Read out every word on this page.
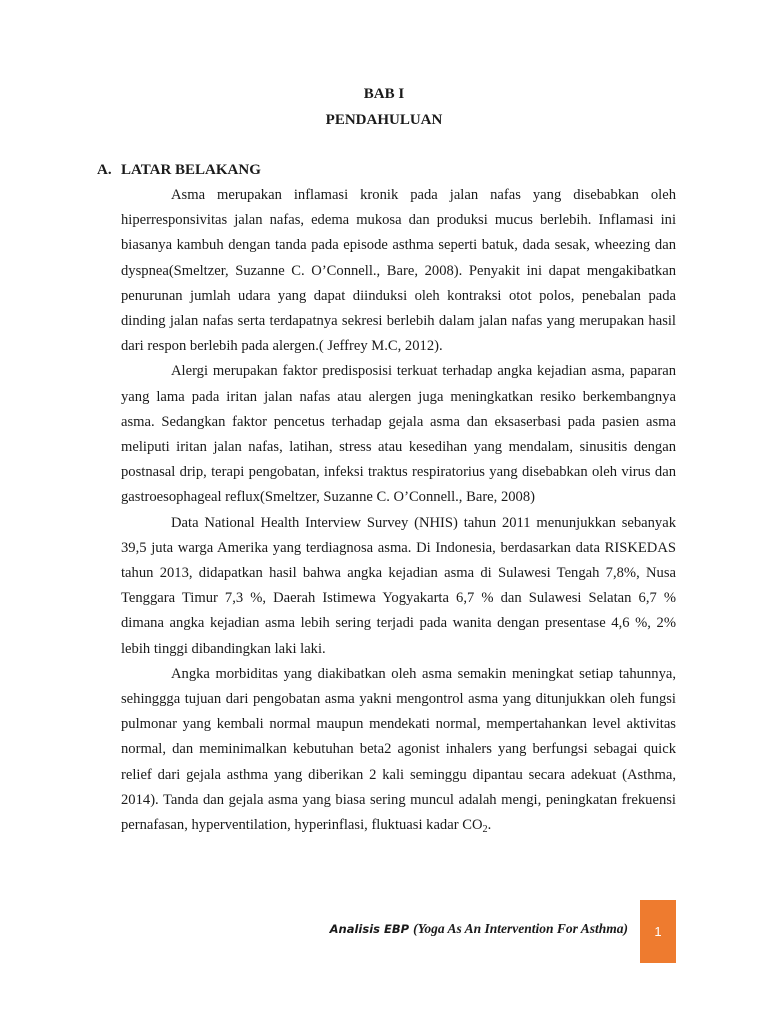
BAB I
PENDAHULUAN
A. LATAR BELAKANG

Asma merupakan inflamasi kronik pada jalan nafas yang disebabkan oleh hiperresponsivitas jalan nafas, edema mukosa dan produksi mucus berlebih. Inflamasi ini biasanya kambuh dengan tanda pada episode asthma seperti batuk, dada sesak, wheezing dan dyspnea(Smeltzer, Suzanne C. O’Connell., Bare, 2008). Penyakit ini dapat mengakibatkan penurunan jumlah udara yang dapat diinduksi oleh kontraksi otot polos, penebalan pada dinding jalan nafas serta terdapatnya sekresi berlebih dalam jalan nafas yang merupakan hasil dari respon berlebih pada alergen.( Jeffrey M.C, 2012).

Alergi merupakan faktor predisposisi terkuat terhadap angka kejadian asma, paparan yang lama pada iritan jalan nafas atau alergen juga meningkatkan resiko berkembangnya asma. Sedangkan faktor pencetus terhadap gejala asma dan eksaserbasi pada pasien asma meliputi iritan jalan nafas, latihan, stress atau kesedihan yang mendalam, sinusitis dengan postnasal drip, terapi pengobatan, infeksi traktus respiratorius yang disebabkan oleh virus dan gastroesophageal reflux(Smeltzer, Suzanne C. O’Connell., Bare, 2008)

Data National Health Interview Survey (NHIS) tahun 2011 menunjukkan sebanyak 39,5 juta warga Amerika yang terdiagnosa asma. Di Indonesia, berdasarkan data RISKEDAS tahun 2013, didapatkan hasil bahwa angka kejadian asma di Sulawesi Tengah 7,8%, Nusa Tenggara Timur 7,3 %, Daerah Istimewa Yogyakarta 6,7 % dan Sulawesi Selatan 6,7 % dimana angka kejadian asma lebih sering terjadi pada wanita dengan presentase 4,6 %, 2% lebih tinggi dibandingkan laki laki.

Angka morbiditas yang diakibatkan oleh asma semakin meningkat setiap tahunnya, sehinggga tujuan dari pengobatan asma yakni mengontrol asma yang ditunjukkan oleh fungsi pulmonar yang kembali normal maupun mendekati normal, mempertahankan level aktivitas normal, dan meminimalkan kebutuhan beta2 agonist inhalers yang berfungsi sebagai quick relief dari gejala asthma yang diberikan 2 kali seminggu dipantau secara adekuat (Asthma, 2014). Tanda dan gejala asma yang biasa sering muncul adalah mengi, peningkatan frekuensi pernafasan, hyperventilation, hyperinflasi, fluktuasi kadar $CO_2$.

Analisis EBP (Yoga As An Intervention For Asthma) 1
